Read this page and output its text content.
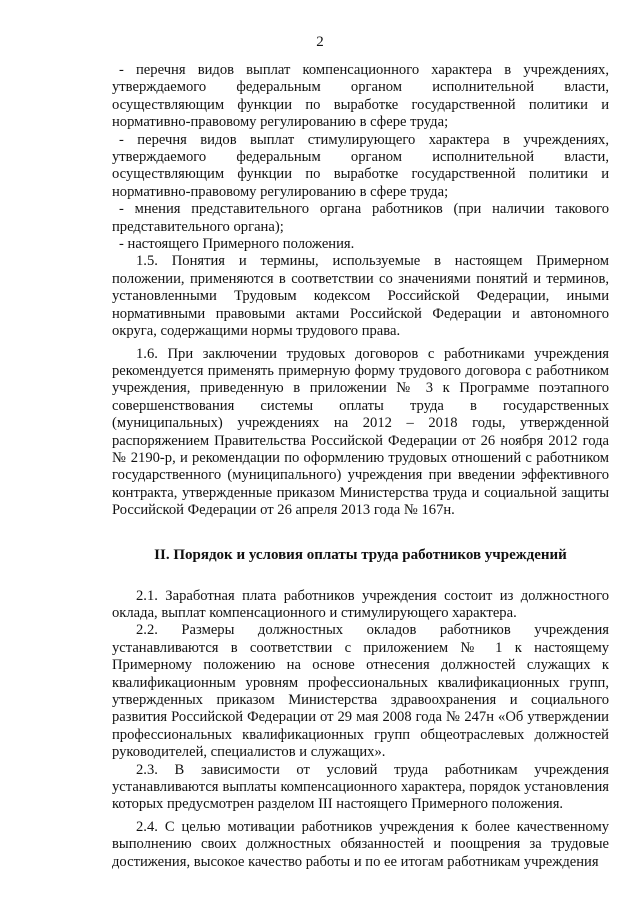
2

- перечня видов выплат компенсационного характера в учреждениях, утверждаемого федеральным органом исполнительной власти, осуществляющим функции по выработке государственной политики и нормативно-правовому регулированию в сфере труда;

- перечня видов выплат стимулирующего характера в учреждениях, утверждаемого федеральным органом исполнительной власти, осуществляющим функции по выработке государственной политики и нормативно-правовому регулированию в сфере труда;

- мнения представительного органа работников (при наличии такового представительного органа);

- настоящего Примерного положения.

1.5. Понятия и термины, используемые в настоящем Примерном положении, применяются в соответствии со значениями понятий и терминов, установленными Трудовым кодексом Российской Федерации, иными нормативными правовыми актами Российской Федерации и автономного округа, содержащими нормы трудового права.

1.6. При заключении трудовых договоров с работниками учреждения рекомендуется применять примерную форму трудового договора с работником учреждения, приведенную в приложении № 3 к Программе поэтапного совершенствования системы оплаты труда в государственных (муниципальных) учреждениях на 2012 – 2018 годы, утвержденной распоряжением Правительства Российской Федерации от 26 ноября 2012 года № 2190-р, и рекомендации по оформлению трудовых отношений с работником государственного (муниципального) учреждения при введении эффективного контракта, утвержденные приказом Министерства труда и социальной защиты Российской Федерации от 26 апреля 2013 года № 167н.

II. Порядок и условия оплаты труда работников учреждений

2.1. Заработная плата работников учреждения состоит из должностного оклада, выплат компенсационного и стимулирующего характера.

2.2. Размеры должностных окладов работников учреждения устанавливаются в соответствии с приложением № 1 к настоящему Примерному положению на основе отнесения должностей служащих к квалификационным уровням профессиональных квалификационных групп, утвержденных приказом Министерства здравоохранения и социального развития Российской Федерации от 29 мая 2008 года № 247н «Об утверждении профессиональных квалификационных групп общеотраслевых должностей руководителей, специалистов и служащих».

2.3. В зависимости от условий труда работникам учреждения устанавливаются выплаты компенсационного характера, порядок установления которых предусмотрен разделом III настоящего Примерного положения.

2.4. С целью мотивации работников учреждения к более качественному выполнению своих должностных обязанностей и поощрения за трудовые достижения, высокое качество работы и по ее итогам работникам учреждения
